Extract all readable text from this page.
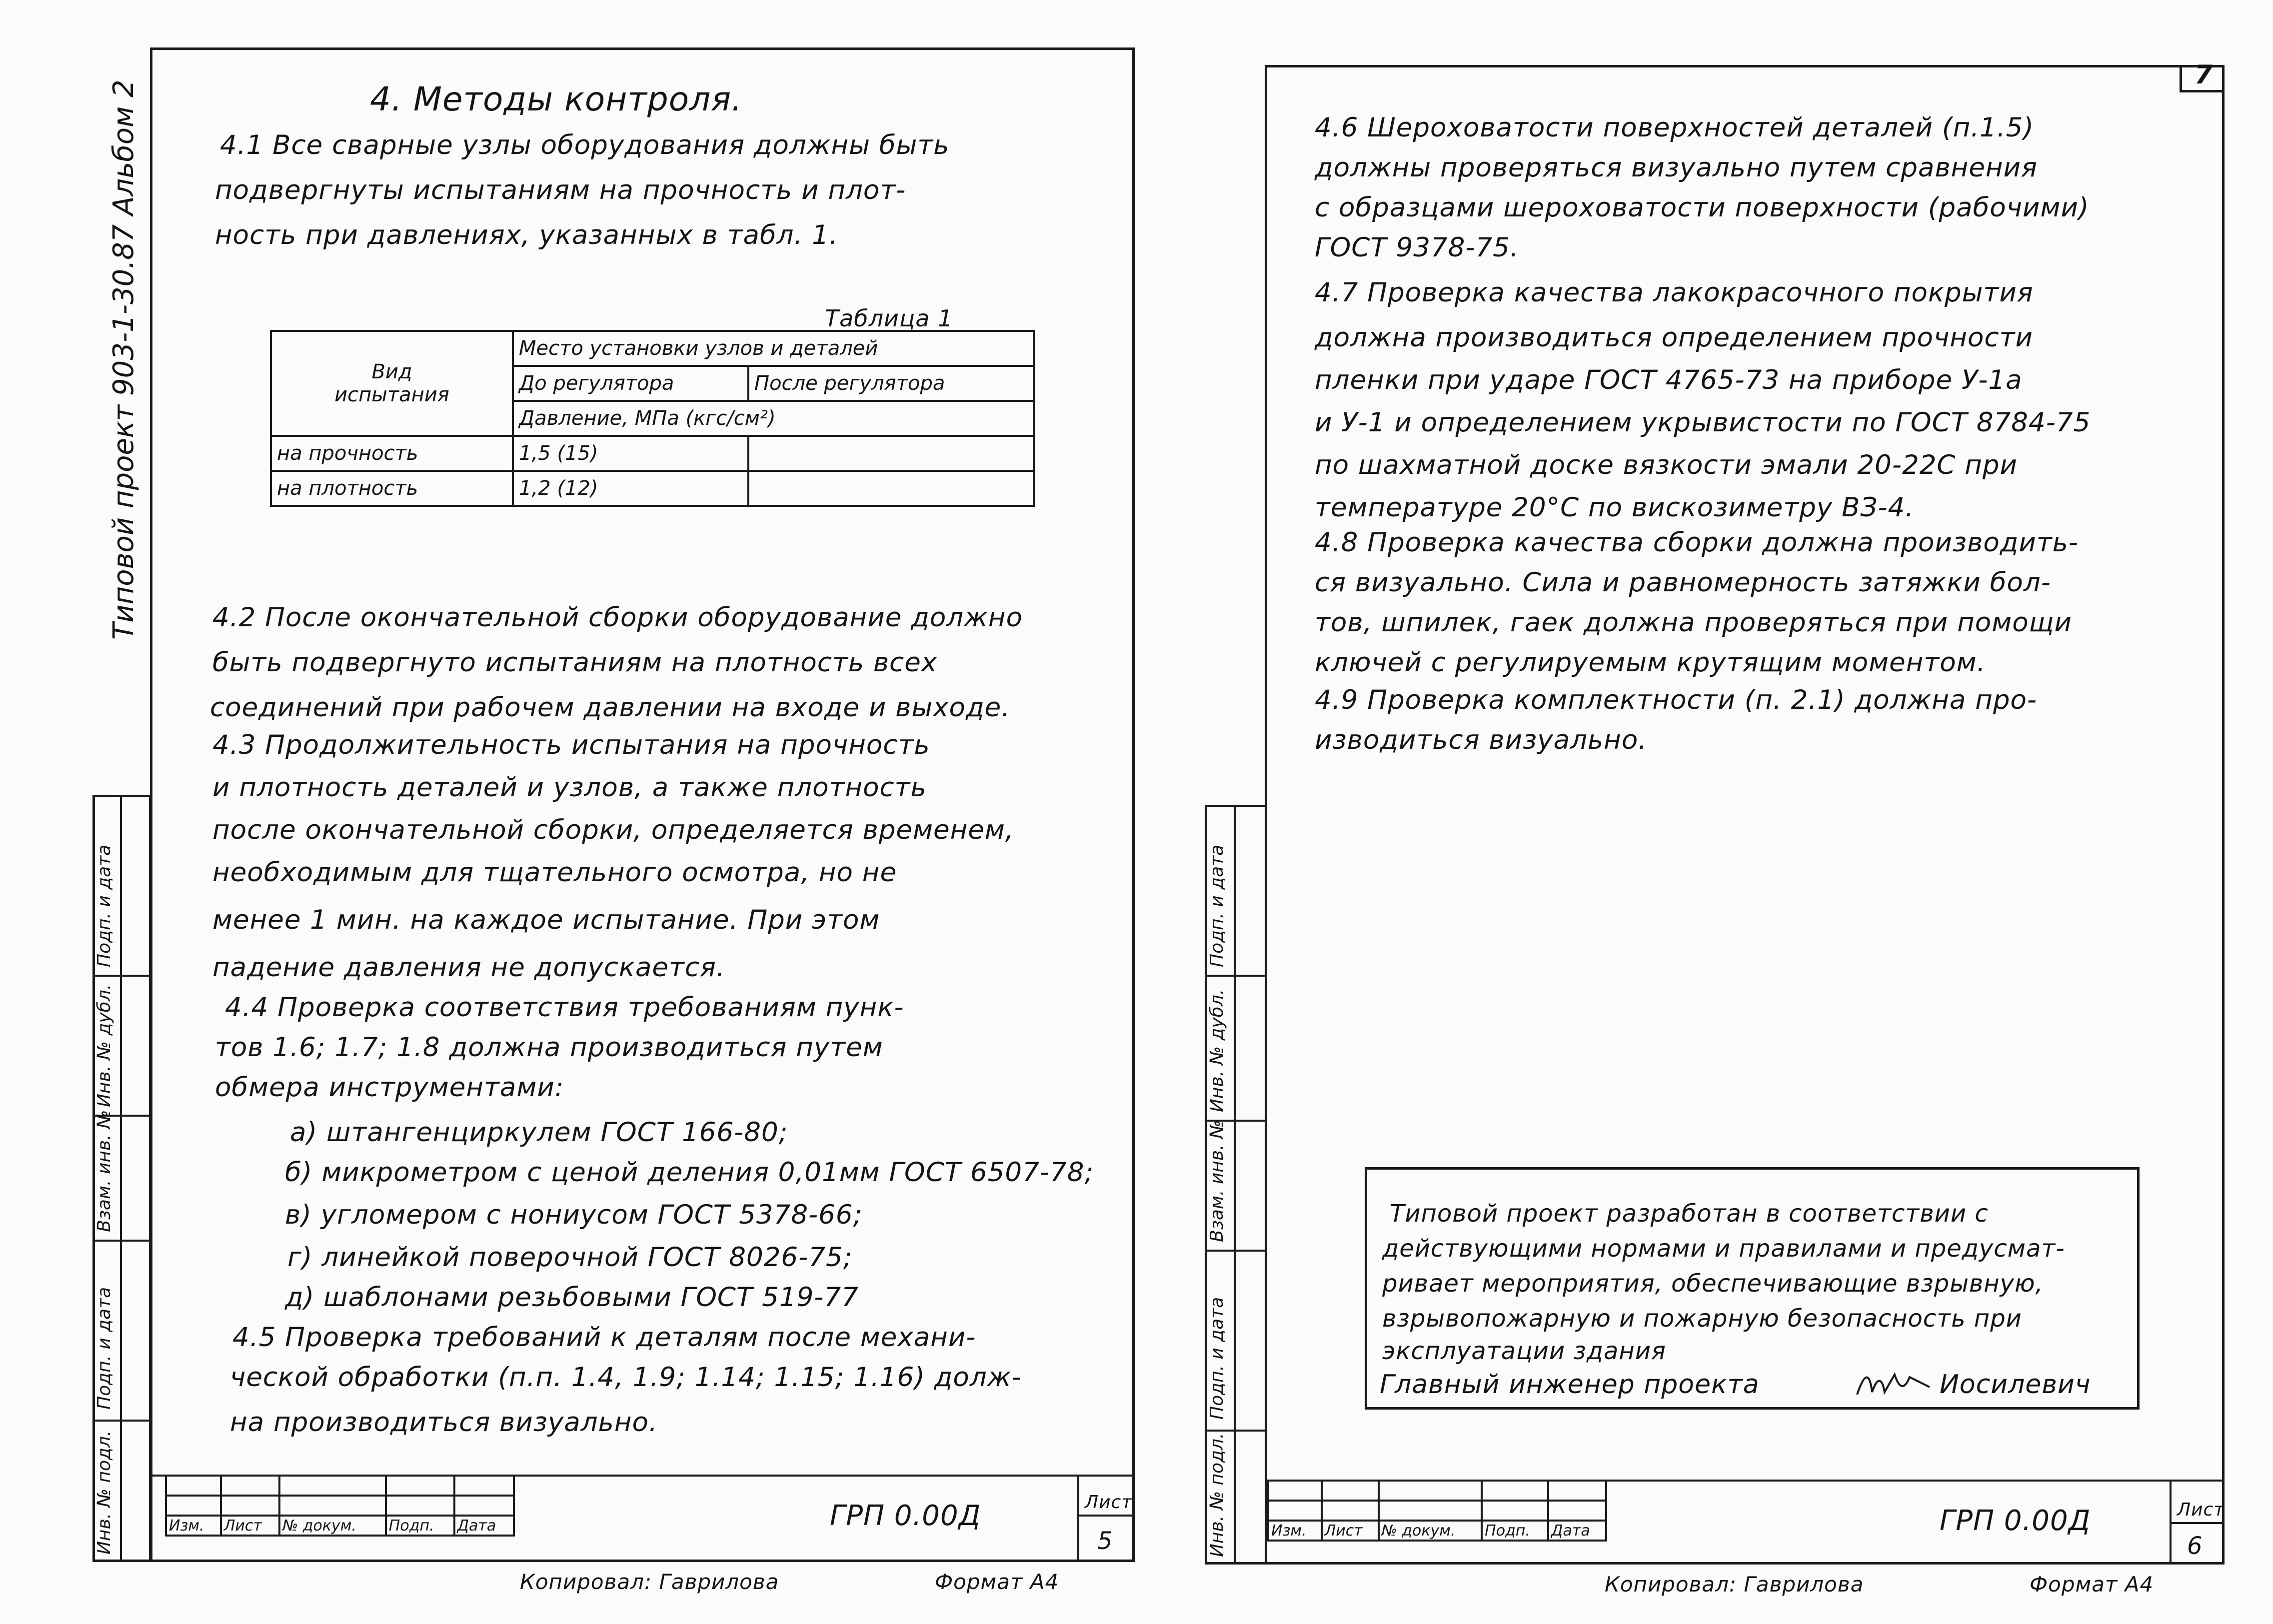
Типовой проект 903-1-30.87 Альбом 2
Инв. № подл.
Подп. и дата
Взам. инв. №
Инв. № дубл.
Подп. и дата
4. Методы контроля.
4.1 Все сварные узлы оборудования должны быть
подвергнуты испытаниям на прочность и плот-
ность при давлениях, указанных в табл. 1.
Таблица 1
Вид
испытания	Место установки узлов и деталей	
	До регулятора	После регулятора
	Давление, МПа (кгс/см²)	
на прочность	1,5 (15)	
на плотность	1,2 (12)	
4.2 После окончательной сборки оборудование должно
быть подвергнуто испытаниям на плотность всех
соединений при рабочем давлении на входе и выходе.
4.3 Продолжительность испытания на прочность
и плотность деталей и узлов, а также плотность
после окончательной сборки, определяется временем,
необходимым для тщательного осмотра, но не
менее 1 мин. на каждое испытание. При этом
падение давления не допускается.
4.4 Проверка соответствия требованиям пунк-
тов 1.6; 1.7; 1.8 должна производиться путем
обмера инструментами:
а) штангенциркулем ГОСТ 166-80;
б) микрометром с ценой деления 0,01мм ГОСТ 6507-78;
в) угломером с нониусом ГОСТ 5378-66;
г) линейкой поверочной ГОСТ 8026-75;
д) шаблонами резьбовыми ГОСТ 519-77
4.5 Проверка требований к деталям после механи-
ческой обработки (п.п. 1.4, 1.9; 1.14; 1.15; 1.16) долж-
на производиться визуально.

Изм.	Лист	№ докум.	Подп.	Дата	ГРП 0.00Д	Лист
5
Копировал: Гаврилова	Формат А4
7
Инв. № подл.
Подп. и дата
Взам. инв. №
Инв. № дубл.
Подп. и дата
4.6 Шероховатости поверхностей деталей (п.1.5)
должны проверяться визуально путем сравнения
с образцами шероховатости поверхности (рабочими)
ГОСТ 9378-75.
4.7 Проверка качества лакокрасочного покрытия
должна производиться определением прочности
пленки при ударе ГОСТ 4765-73 на приборе У-1а
и У-1 и определением укрывистости по ГОСТ 8784-75
по шахматной доске вязкости эмали 20-22С при
температуре 20°С по вискозиметру ВЗ-4.
4.8 Проверка качества сборки должна производить-
ся визуально. Сила и равномерность затяжки бол-
тов, шпилек, гаек должна проверяться при помощи
ключей с регулируемым крутящим моментом.
4.9 Проверка комплектности (п. 2.1) должна про-
изводиться визуально.
Типовой проект разработан в соответствии с
действующими нормами и правилами и предусмат-
ривает мероприятия, обеспечивающие взрывную,
взрывопожарную и пожарную безопасность при
эксплуатации здания
Главный инженер проекта	Иосилевич

Изм.	Лист	№ докум.	Подп.	Дата	ГРП 0.00Д	Лист
6
Копировал: Гаврилова	Формат А4
